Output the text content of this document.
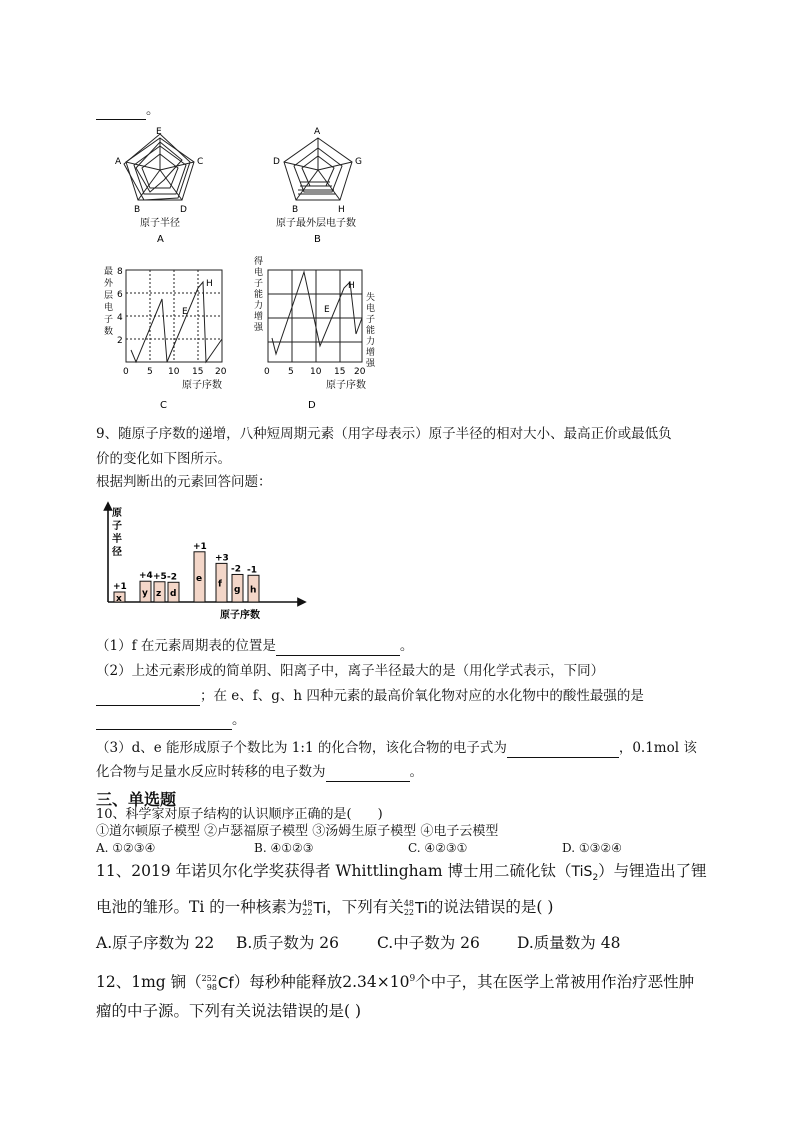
。
E
A	C
B	D
原子半径
A
A
D	G
B	H
原子最外层电子数
B
最 外 层 电 子 数
8
6
4
2
0 5 10 15 20
H
E
原子序数
C
得 电 子 能 力 增 强
失 电 子 能 力 增 强
0 5 10 15 20
H
E
原子序数
D
9、随原子序数的递增，八种短周期元素（用字母表示）原子半径的相对大小、最高正价或最低负
价的变化如下图所示。
根据判断出的元素回答问题：
原 子 半 径
x
+1
y
+4
z
+5
d
-2 e
+1
f
+3
g
-2
h
-1
原子序数
（1）f 在元素周期表的位置是	。
（2）上述元素形成的简单阴、阳离子中，离子半径最大的是（用化学式表示，下同）
；在 e、f、g、h 四种元素的最高价氧化物对应的水化物中的酸性最强的是
。
（3）d、e 能形成原子个数比为 1:1 的化合物，该化合物的电子式为	，0.1mol 该
化合物与足量水反应时转移的电子数为	。
三、单选题
10、科学家对原子结构的认识顺序正确的是(　　)
①道尔顿原子模型 ②卢瑟福原子模型 ③汤姆生原子模型 ④电子云模型
A. ①②③④	B. ④①②③	C. ④②③①	D. ①③②④
11、2019 年诺贝尔化学奖获得者 Whittlingham 博士用二硫化钛（TiS$_2$）与锂造出了锂
电池的雏形。Ti 的一种核素为 48
22 Ti ，下列有关 48
22 Ti 的说法错误的是( )
A.原子序数为 22 B.质子数为 26 C.中子数为 26 D.质量数为 48
12、1mg 锎（ 252
98 Cf ）每秒种能释放$2.34\times 10^9$个中子，其在医学上常被用作治疗恶性肿
瘤的中子源。下列有关说法错误的是( )
